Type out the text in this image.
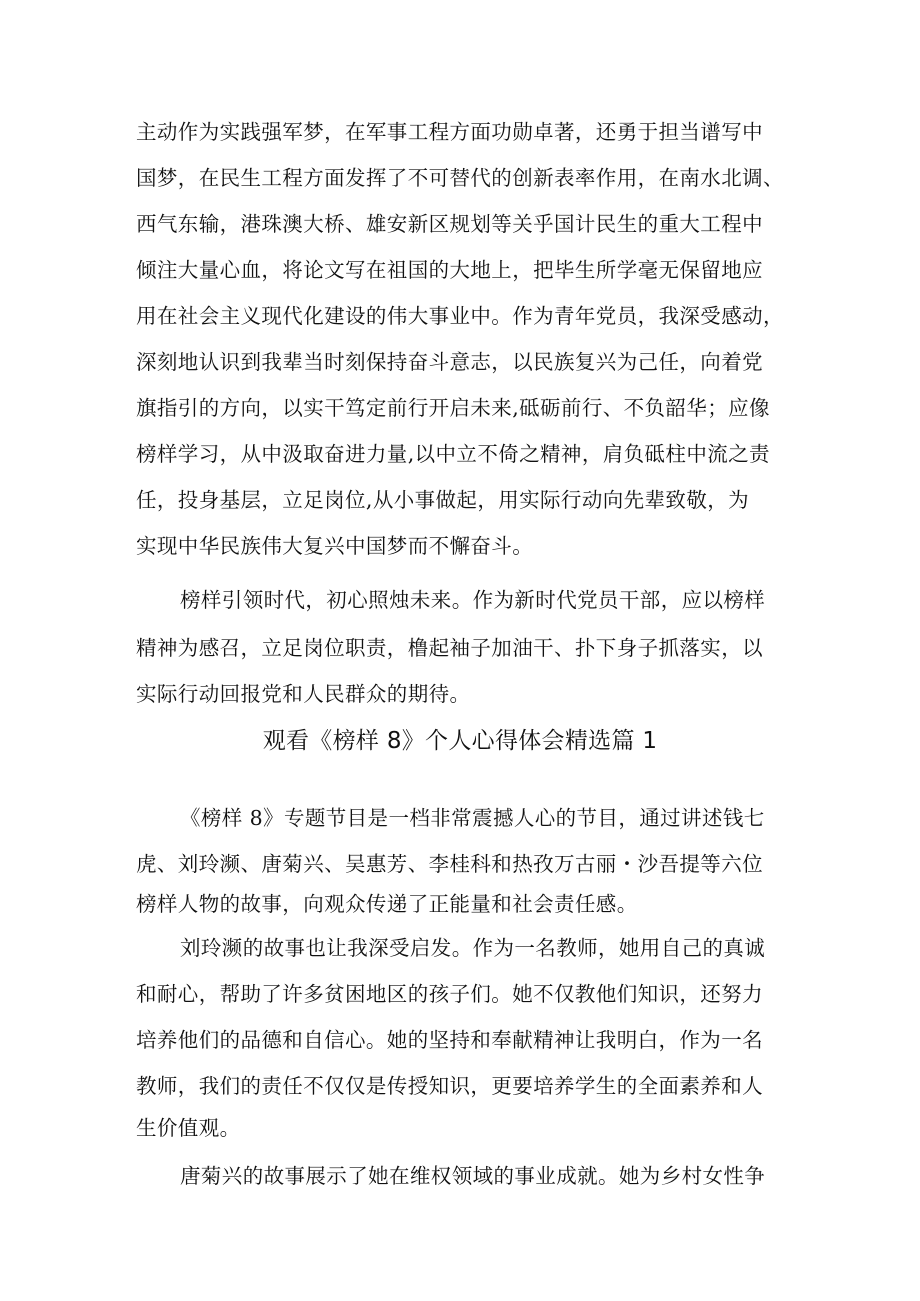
主动作为实践强军梦，在军事工程方面功勋卓著，还勇于担当谱写中
国梦，在民生工程方面发挥了不可替代的创新表率作用，在南水北调、
西气东输，港珠澳大桥、雄安新区规划等关乎国计民生的重大工程中
倾注大量心血，将论文写在祖国的大地上，把毕生所学毫无保留地应
用在社会主义现代化建设的伟大事业中。作为青年党员，我深受感动，
深刻地认识到我辈当时刻保持奋斗意志，以民族复兴为己任，向着党
旗指引的方向，以实干笃定前行开启未来,砥砺前行、不负韶华；应像
榜样学习，从中汲取奋进力量,以中立不倚之精神，肩负砥柱中流之责
任，投身基层，立足岗位,从小事做起，用实际行动向先辈致敬，为
实现中华民族伟大复兴中国梦而不懈奋斗。
榜样引领时代，初心照烛未来。作为新时代党员干部，应以榜样
精神为感召，立足岗位职责，橹起袖子加油干、扑下身子抓落实，以
实际行动回报党和人民群众的期待。
观看《榜样 8》个人心得体会精选篇 1
《榜样 8》专题节目是一档非常震撼人心的节目，通过讲述钱七
虎、刘玲濒、唐菊兴、吴惠芳、李桂科和热孜万古丽・沙吾提等六位
榜样人物的故事，向观众传递了正能量和社会责任感。
刘玲濒的故事也让我深受启发。作为一名教师，她用自己的真诚
和耐心，帮助了许多贫困地区的孩子们。她不仅教他们知识，还努力
培养他们的品德和自信心。她的坚持和奉献精神让我明白，作为一名
教师，我们的责任不仅仅是传授知识，更要培养学生的全面素养和人
生价值观。
唐菊兴的故事展示了她在维权领域的事业成就。她为乡村女性争
